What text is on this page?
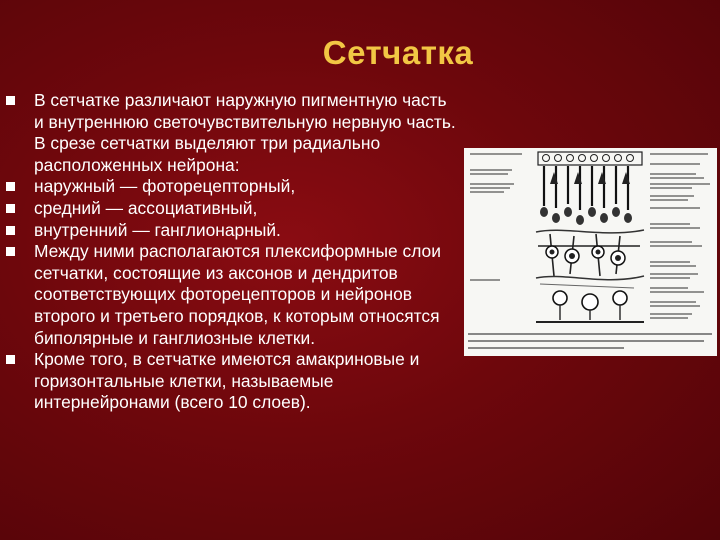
Сетчатка
В сетчатке различают наружную пигментную часть и внутреннюю светочувствительную нервную часть. В срезе сетчатки выделяют три радиально расположенных нейрона:
наружный — фоторецепторный,
средний — ассоциативный,
внутренний — ганглионарный.
Между ними располагаются плексиформные слои сетчатки, состоящие из аксонов и дендритов соответствующих фоторецепторов и нейронов второго и третьего порядков, к которым относятся биполярные и ганглиозные клетки.
Кроме того, в сетчатке имеются амакриновые и горизонтальные клетки, называемые интернейронами (всего 10 слоев).
